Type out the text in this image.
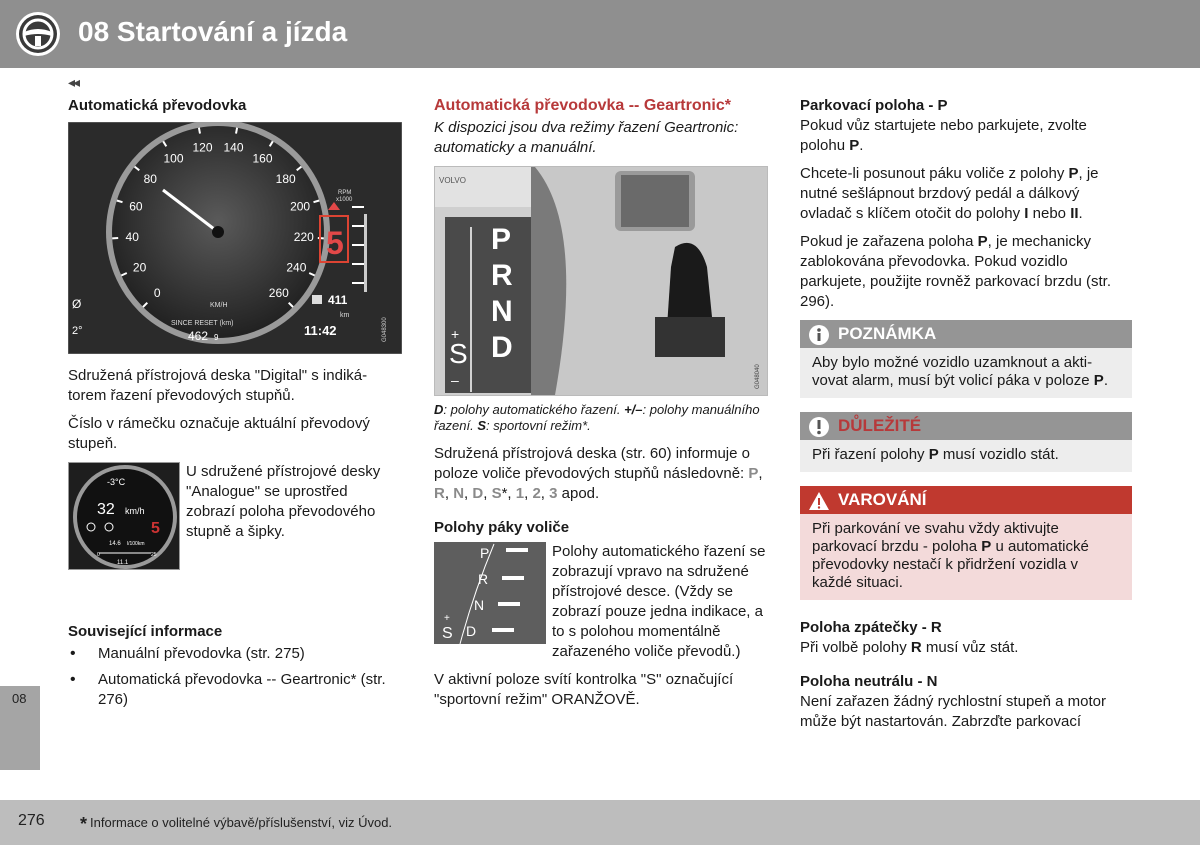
08 Startování a jízda
◂◂
08
276 * Informace o volitelné výbavě/příslušenství, viz Úvod.
Automatická převodovka
0
20
40
60
80
100
120 140
160
180
200
220
240
260
KM/H
SINCE RESET (km)
462 9
RPM
x1000
5
411
km
11:42
2°
Ø
G048300

Sdružená přístrojová deska "Digital" s indikátorem řazení převodových stupňů.

Číslo v rámečku označuje aktuální převodový stupeň.

-3°C
32 km/h
5
14.6 l/100km
0	25
11.1
U sdružené přístrojové desky "Analogue" se uprostřed zobrazí poloha převodového stupně a šipky.
Související informace
• Manuální převodovka (str. 275)
• Automatická převodovka -- Geartronic* (str. 276)
Automatická převodovka -- Geartronic*

K dispozici jsou dva režimy řazení Geartronic: automaticky a manuální.

VOLVO
P
R
N
D
S
+
–	G048040

D: polohy automatického řazení. +/–: polohy manuálního řazení. S: sportovní režim*.

Sdružená přístrojová deska (str. 60) informuje o poloze voliče převodových stupňů následovně: P, R, N, D, S*, 1, 2, 3 apod.

Polohy páky voliče
P
R
N
D
S
+
Polohy automatického řazení se zobrazují vpravo na sdružené přístrojové desce. (Vždy se zobrazí pouze jedna indikace, a to s polohou momentálně zařazeného voliče převodů.)

V aktivní poloze svítí kontrolka "S" označující "sportovní režim" ORANŽOVĚ.

Parkovací poloha - P

Pokud vůz startujete nebo parkujete, zvolte polohu P.

Chcete-li posunout páku voliče z polohy P, je nutné sešlápnout brzdový pedál a dálkový ovladač s klíčem otočit do polohy I nebo II.

Pokud je zařazena poloha P, je mechanicky zablokována převodovka. Pokud vozidlo parkujete, použijte rovněž parkovací brzdu (str. 296).

POZNÁMKA
Aby bylo možné vozidlo uzamknout a aktivovat alarm, musí být volicí páka v poloze P.
DŮLEŽITÉ
Při řazení polohy P musí vozidlo stát.
VAROVÁNÍ
Při parkování ve svahu vždy aktivujte parkovací brzdu - poloha P u automatické převodovky nestačí k přidržení vozidla v každé situaci.
Poloha zpátečky - R

Při volbě polohy R musí vůz stát.

Poloha neutrálu - N

Není zařazen žádný rychlostní stupeň a motor může být nastartován. Zabrzďte parkovací
